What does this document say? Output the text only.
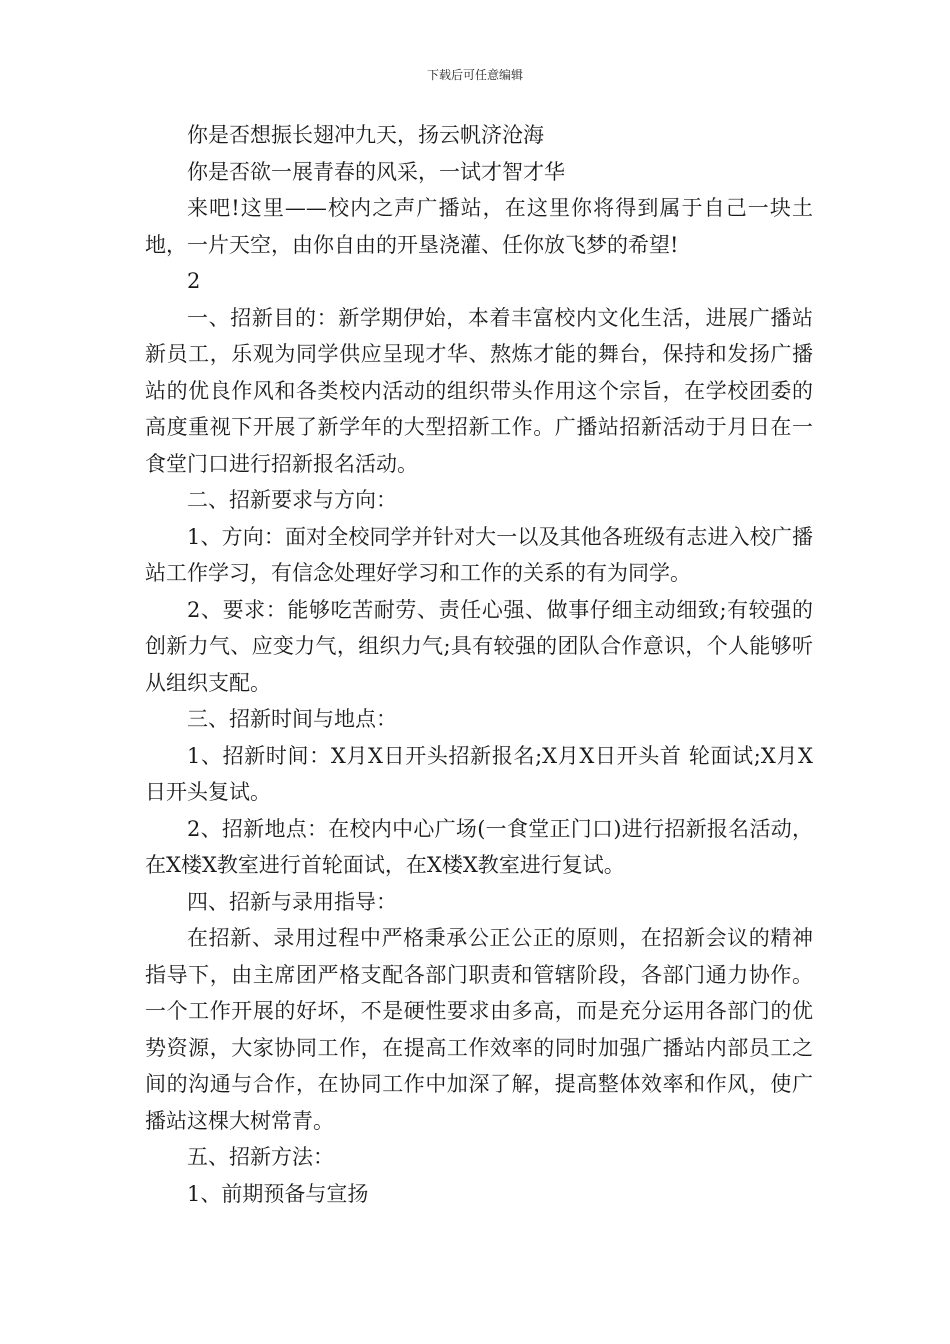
下载后可任意编辑

你是否想振长翅冲九天，扬云帆济沧海

你是否欲一展青春的风采，一试才智才华

来吧!这里——校内之声广播站，在这里你将得到属于自己一块土地，一片天空，由你自由的开垦浇灌、任你放飞梦的希望!

2

一、招新目的：新学期伊始，本着丰富校内文化生活，进展广播站新员工，乐观为同学供应呈现才华、熬炼才能的舞台，保持和发扬广播站的优良作风和各类校内活动的组织带头作用这个宗旨，在学校团委的高度重视下开展了新学年的大型招新工作。广播站招新活动于月日在一食堂门口进行招新报名活动。

二、招新要求与方向：

1、方向：面对全校同学并针对大一以及其他各班级有志进入校广播站工作学习，有信念处理好学习和工作的关系的有为同学。

2、要求：能够吃苦耐劳、责任心强、做事仔细主动细致;有较强的创新力气、应变力气，组织力气;具有较强的团队合作意识，个人能够听从组织支配。

三、招新时间与地点：

1、招新时间：X月X日开头招新报名;X月X日开头首 轮面试;X月X日开头复试。

2、招新地点：在校内中心广场(一食堂正门口)进行招新报名活动，在X楼X教室进行首轮面试，在X楼X教室进行复试。

四、招新与录用指导：

在招新、录用过程中严格秉承公正公正的原则，在招新会议的精神指导下，由主席团严格支配各部门职责和管辖阶段，各部门通力协作。一个工作开展的好坏，不是硬性要求由多高，而是充分运用各部门的优势资源，大家协同工作，在提高工作效率的同时加强广播站内部员工之间的沟通与合作，在协同工作中加深了解，提高整体效率和作风，使广播站这棵大树常青。

五、招新方法：

1、前期预备与宣扬
